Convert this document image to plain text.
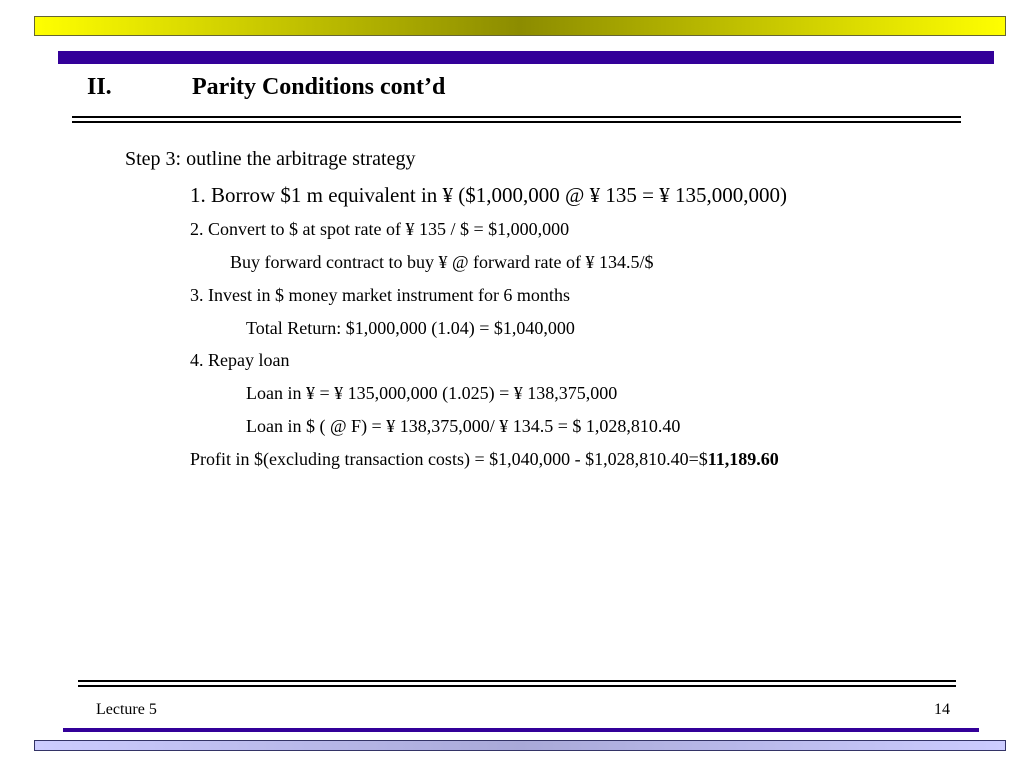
II.	Parity Conditions cont’d
Step 3: outline the arbitrage strategy
1. Borrow $1 m equivalent in ¥ ($1,000,000 @ ¥ 135 = ¥ 135,000,000)
2. Convert to $ at spot rate of ¥ 135 / $ = $1,000,000
Buy forward contract to buy ¥ @ forward rate of ¥ 134.5/$
3. Invest in $ money market instrument for 6 months
Total Return: $1,000,000 (1.04) = $1,040,000
4. Repay loan
Loan in ¥ = ¥ 135,000,000 (1.025) = ¥ 138,375,000
Loan in $ ( @ F) = ¥ 138,375,000/ ¥ 134.5 = $ 1,028,810.40
Profit in $(excluding transaction costs) = $1,040,000 - $1,028,810.40=$11,189.60
Lecture 5	14
